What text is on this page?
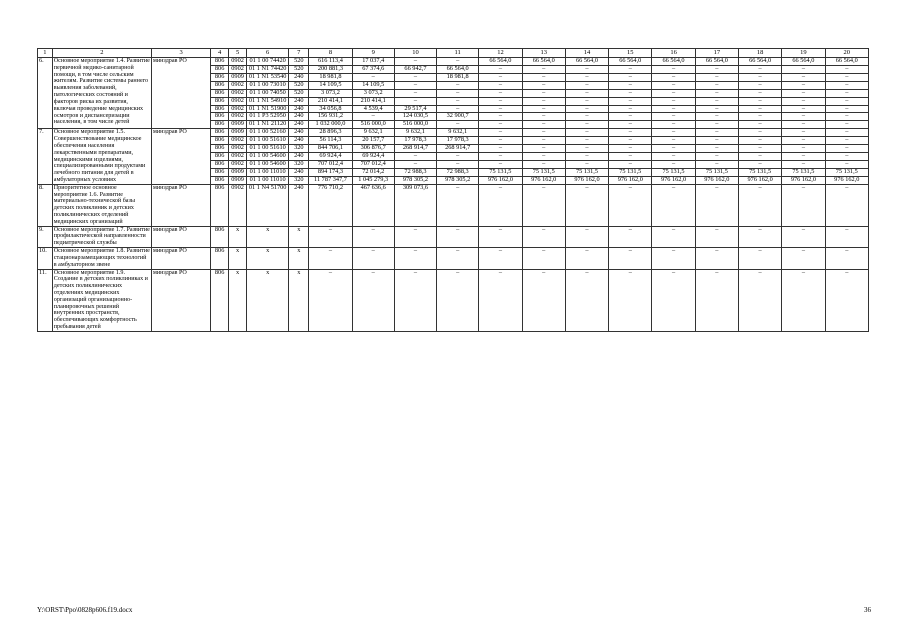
1	2	3	4	5	6	7	8	9	10	11	12	13	14	15	16	17	18	19	20
6.	Основное мероприятие 1.4. Развитие первичной медико-санитарной помощи, в том числе сельским жителям. Развитие системы раннего выявления заболеваний, патологических состояний и факторов риска их развития, включая проведение медицинских осмотров и диспансеризации населения, в том числе детей	минздрав РО	806	0902	01 1 00 74420	520	616 113,4	17 037,4	–	–	66 564,0	66 564,0	66 564,0	66 564,0	66 564,0	66 564,0	66 564,0	66 564,0	66 564,0
			806	0902	01 1 N1 74420	520	200 881,3	67 374,6	66 942,7	66 564,0	–	–	–	–	–	–	–	–	–
			806	0909	01 1 N1 53540	240	18 981,8	–	–	18 981,8	–	–	–	–	–	–	–	–	–
			806	0902	01 1 00 73010	520	14 109,5	14 109,5	–	–	–	–	–	–	–	–	–	–	–
			806	0902	01 1 00 74050	520	3 073,2	3 073,2	–	–	–	–	–	–	–	–	–	–	–
			806	0902	01 1 N1 54910	240	210 414,1	210 414,1	–	–	–	–	–	–	–	–	–	–	–
			806	0902	01 1 N1 51900	240	34 056,8	4 539,4	29 517,4	–	–	–	–	–	–	–	–	–	–
			806	0902	01 1 P3 52950	240	156 931,2	–	124 030,5	32 900,7	–	–	–	–	–	–	–	–	–
			806	0909	01 1 N1 21120	240	1 032 000,0	516 000,0	516 000,0	–	–	–	–	–	–	–	–	–	–
7.	Основное мероприятие 1.5. Совершенствование медицинское обеспечения населения лекарственными препаратами, медицинскими изделиями, специализированными продуктами лечебного питания для детей в амбулаторных условиях	минздрав РО	806	0909	01 1 00 52160	240	28 896,3	9 632,1	9 632,1	9 632,1	–	–	–	–	–	–	–	–	–
			806	0902	01 1 00 51610	240	56 114,3	20 157,7	17 978,3	17 978,3	–	–	–	–	–	–	–	–	–
			806	0902	01 1 00 51610	320	844 706,1	306 876,7	268 914,7	268 914,7	–	–	–	–	–	–	–	–	–
			806	0902	01 1 00 54600	240	69 924,4	69 924,4	–	–	–	–	–	–	–	–	–	–	–
			806	0902	01 1 00 54600	320	707 012,4	707 012,4	–	–	–	–	–	–	–	–	–	–	–
			806	0909	01 1 00 11010	240	894 174,3	72 014,2	72 988,3	72 988,3	75 131,5	75 131,5	75 131,5	75 131,5	75 131,5	75 131,5	75 131,5	75 131,5	75 131,5
			806	0909	01 1 00 11010	320	11 787 347,7	1 045 279,3	978 305,2	978 305,2	976 162,0	976 162,0	976 162,0	976 162,0	976 162,0	976 162,0	976 162,0	976 162,0	976 162,0
8.	Приоритетное основное мероприятие 1.6. Развитие материально-технической базы детских поликлиник и детских поликлинических отделений медицинских организаций	минздрав РО	806	0902	01 1 N4 51700	240	776 710,2	467 636,6	309 073,6	–	–	–	–	–	–	–	–	–	–
9.	Основное мероприятие 1.7. Развитие профилактической направленности педиатрической службы	минздрав РО	806	х	х	х	–	–	–	–	–	–	–	–	–	–	–	–	–
10.	Основное мероприятие 1.8. Развитие стационарзамещающих технологий в амбулаторном звене	минздрав РО	806	х	х	х	–	–	–	–	–	–	–	–	–	–	–	–	–
11.	Основное мероприятие 1.9. Создание в детских поликлиниках и детских поликлинических отделениях медицинских организаций организационно-планировочных решений внутренних пространств, обеспечивающих комфортность пребывания детей	минздрав РО	806	х	х	х	–	–	–	–	–	–	–	–	–	–	–	–	–
Y:\ORST\Ppo\0828p606.f19.docx	36
